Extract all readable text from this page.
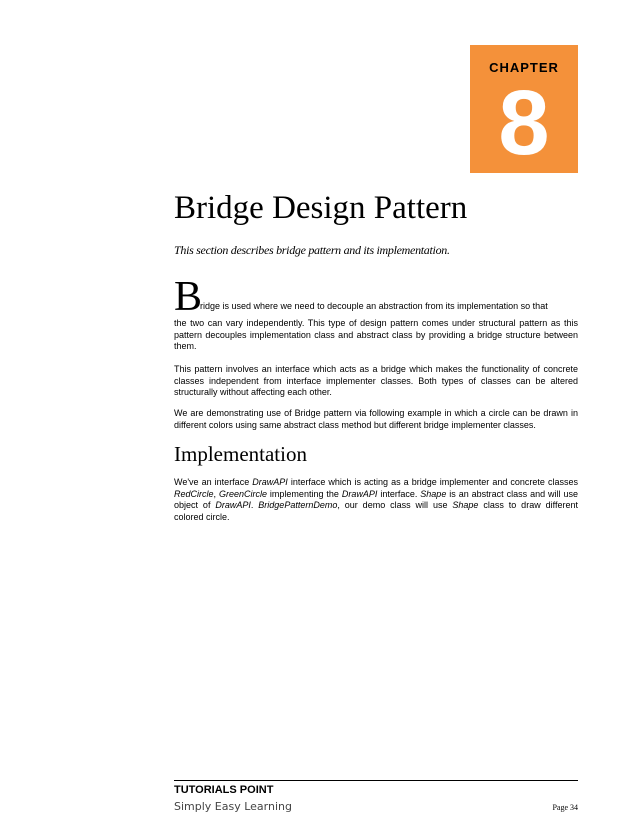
CHAPTER
8
Bridge Design Pattern
This section describes bridge pattern and its implementation.
B
ridge is used where we need to decouple an abstraction from its implementation so that
the two can vary independently. This type of design pattern comes under structural pattern as this pattern decouples implementation class and abstract class by providing a bridge structure between them.
This pattern involves an interface which acts as a bridge which makes the functionality of concrete classes independent from interface implementer classes. Both types of classes can be altered structurally without affecting each other.
We are demonstrating use of Bridge pattern via following example in which a circle can be drawn in different colors using same abstract class method but different bridge implementer classes.
Implementation
We've an interface DrawAPI interface which is acting as a bridge implementer and concrete classes RedCircle, GreenCircle implementing the DrawAPI interface. Shape is an abstract class and will use object of DrawAPI. BridgePatternDemo, our demo class will use Shape class to draw different colored circle.
TUTORIALS POINT
Simply Easy Learning	Page 34
